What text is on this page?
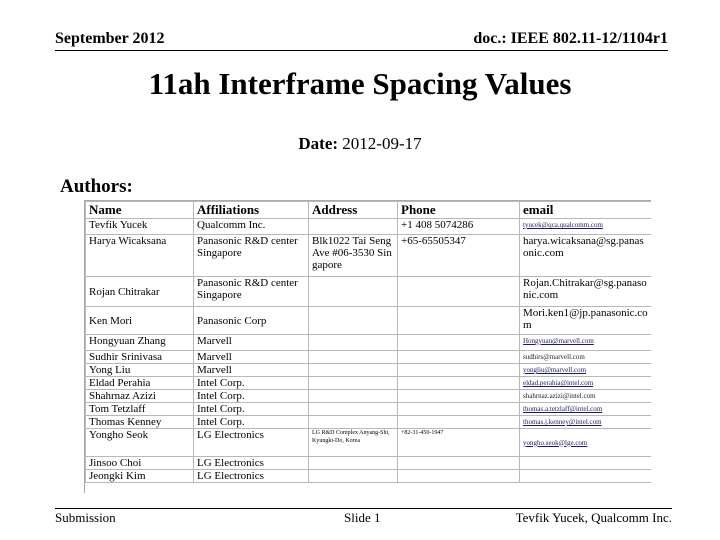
September 2012	doc.: IEEE 802.11-12/1104r1
11ah Interframe Spacing Values
Date: 2012-09-17
Authors:
Name	Affiliations	Address	Phone	email
Tevfik Yucek	Qualcomm Inc.		+1 408 5074286	tyucek@qca.qualcomm.com
Harya Wicaksana	Panasonic R&D center Singapore	Blk1022 Tai Seng Ave #06-3530 Singapore	+65-65505347	harya.wicaksana@sg.panasonic.com
Rojan Chitrakar	Panasonic R&D center Singapore			Rojan.Chitrakar@sg.panasonic.com
Ken Mori	Panasonic Corp			Mori.ken1@jp.panasonic.com
Hongyuan Zhang	Marvell			Hongyuan@marvell.com
Sudhir Srinivasa	Marvell			sudhirs@marvell.com
Yong Liu	Marvell			yongliu@marvell.com
Eldad Perahia	Intel Corp.			eldad.perahia@intel.com
Shahrnaz Azizi	Intel Corp.			shahrnaz.azizi@intel.com
Tom Tetzlaff	Intel Corp.			thomas.a.tetzlaff@intel.com
Thomas Kenney	Intel Corp.			thomas.j.kenney@intel.com
Yongho Seok	LG Electronics	LG R&D Complex Anyang-Shi, Kyungki-Do, Korea	+82-31-450-1947	yongho.seok@lge.com
Jinsoo Choi	LG Electronics			
Jeongki Kim	LG Electronics			
Submission	Slide 1	Tevfik Yucek, Qualcomm Inc.
